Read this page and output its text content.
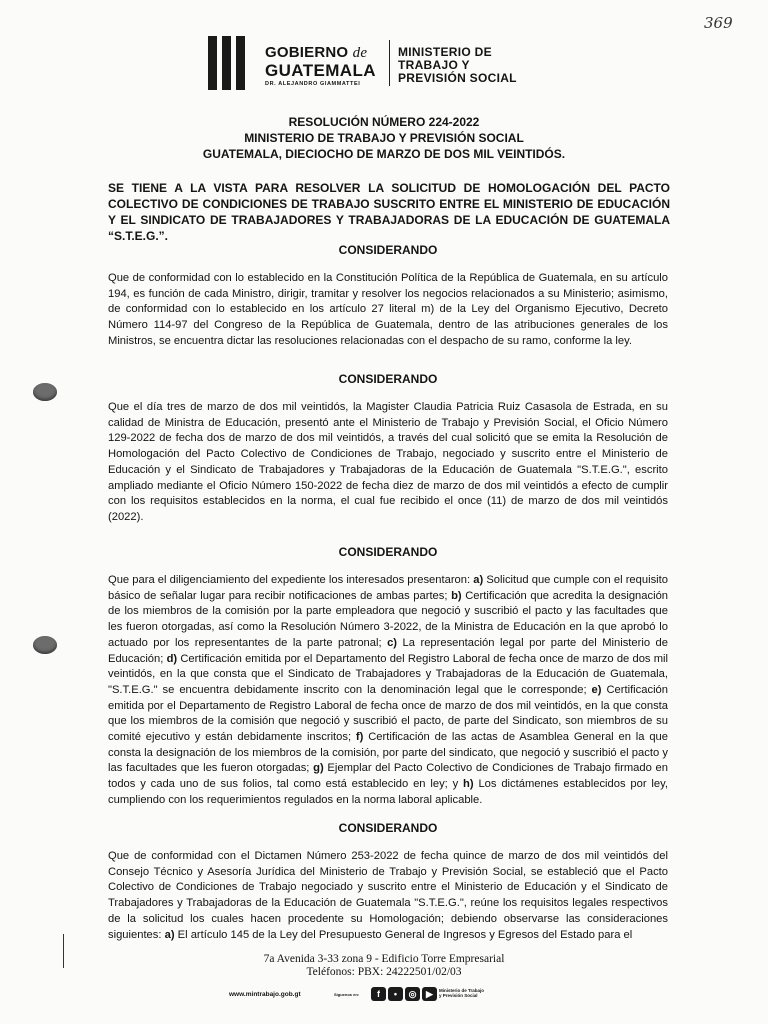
369
GOBIERNO de
GUATEMALA
DR. ALEJANDRO GIAMMATTEI
MINISTERIO DE
TRABAJO Y
PREVISIÓN SOCIAL
RESOLUCIÓN NÚMERO 224-2022
MINISTERIO DE TRABAJO Y PREVISIÓN SOCIAL
GUATEMALA, DIECIOCHO DE MARZO DE DOS MIL VEINTIDÓS.
SE TIENE A LA VISTA PARA RESOLVER LA SOLICITUD DE HOMOLOGACIÓN DEL PACTO COLECTIVO DE CONDICIONES DE TRABAJO SUSCRITO ENTRE EL MINISTERIO DE EDUCACIÓN Y EL SINDICATO DE TRABAJADORES Y TRABAJADORAS DE LA EDUCACIÓN DE GUATEMALA “S.T.E.G.”.
CONSIDERANDO

Que de conformidad con lo establecido en la Constitución Política de la República de Guatemala, en su artículo 194, es función de cada Ministro, dirigir, tramitar y resolver los negocios relacionados a su Ministerio; asimismo, de conformidad con lo establecido en los artículo 27 literal m) de la Ley del Organismo Ejecutivo, Decreto Número 114-97 del Congreso de la República de Guatemala, dentro de las atribuciones generales de los Ministros, se encuentra dictar las resoluciones relacionadas con el despacho de su ramo, conforme la ley.

CONSIDERANDO

Que el día tres de marzo de dos mil veintidós, la Magister Claudia Patricia Ruiz Casasola de Estrada, en su calidad de Ministra de Educación, presentó ante el Ministerio de Trabajo y Previsión Social, el Oficio Número 129-2022 de fecha dos de marzo de dos mil veintidós, a través del cual solicitó que se emita la Resolución de Homologación del Pacto Colectivo de Condiciones de Trabajo, negociado y suscrito entre el Ministerio de Educación y el Sindicato de Trabajadores y Trabajadoras de la Educación de Guatemala "S.T.E.G.", escrito ampliado mediante el Oficio Número 150-2022 de fecha diez de marzo de dos mil veintidós a efecto de cumplir con los requisitos establecidos en la norma, el cual fue recibido el once (11) de marzo de dos mil veintidós (2022).

CONSIDERANDO

Que para el diligenciamiento del expediente los interesados presentaron: a) Solicitud que cumple con el requisito básico de señalar lugar para recibir notificaciones de ambas partes; b) Certificación que acredita la designación de los miembros de la comisión por la parte empleadora que negoció y suscribió el pacto y las facultades que les fueron otorgadas, así como la Resolución Número 3-2022, de la Ministra de Educación en la que aprobó lo actuado por los representantes de la parte patronal; c) La representación legal por parte del Ministerio de Educación; d) Certificación emitida por el Departamento del Registro Laboral de fecha once de marzo de dos mil veintidós, en la que consta que el Sindicato de Trabajadores y Trabajadoras de la Educación de Guatemala, "S.T.E.G." se encuentra debidamente inscrito con la denominación legal que le corresponde; e) Certificación emitida por el Departamento de Registro Laboral de fecha once de marzo de dos mil veintidós, en la que consta que los miembros de la comisión que negoció y suscribió el pacto, de parte del Sindicato, son miembros de su comité ejecutivo y están debidamente inscritos; f) Certificación de las actas de Asamblea General en la que consta la designación de los miembros de la comisión, por parte del sindicato, que negoció y suscribió el pacto y las facultades que les fueron otorgadas; g) Ejemplar del Pacto Colectivo de Condiciones de Trabajo firmado en todos y cada uno de sus folios, tal como está establecido en ley; y h) Los dictámenes establecidos por ley, cumpliendo con los requerimientos regulados en la norma laboral aplicable.

CONSIDERANDO

Que de conformidad con el Dictamen Número 253-2022 de fecha quince de marzo de dos mil veintidós del Consejo Técnico y Asesoría Jurídica del Ministerio de Trabajo y Previsión Social, se estableció que el Pacto Colectivo de Condiciones de Trabajo negociado y suscrito entre el Ministerio de Educación y el Sindicato de Trabajadores y Trabajadoras de la Educación de Guatemala "S.T.E.G.", reúne los requisitos legales respectivos de la solicitud los cuales hacen procedente su Homologación; debiendo observarse las consideraciones siguientes: a) El artículo 145 de la Ley del Presupuesto General de Ingresos y Egresos del Estado para el

7a Avenida 3-33 zona 9 - Edificio Torre Empresarial
Teléfonos: PBX: 24222501/02/03
www.mintrabajo.gob.gt	Síguenos en:	f	•	◎	▶	Ministerio de Trabajo
y Previsión Social
